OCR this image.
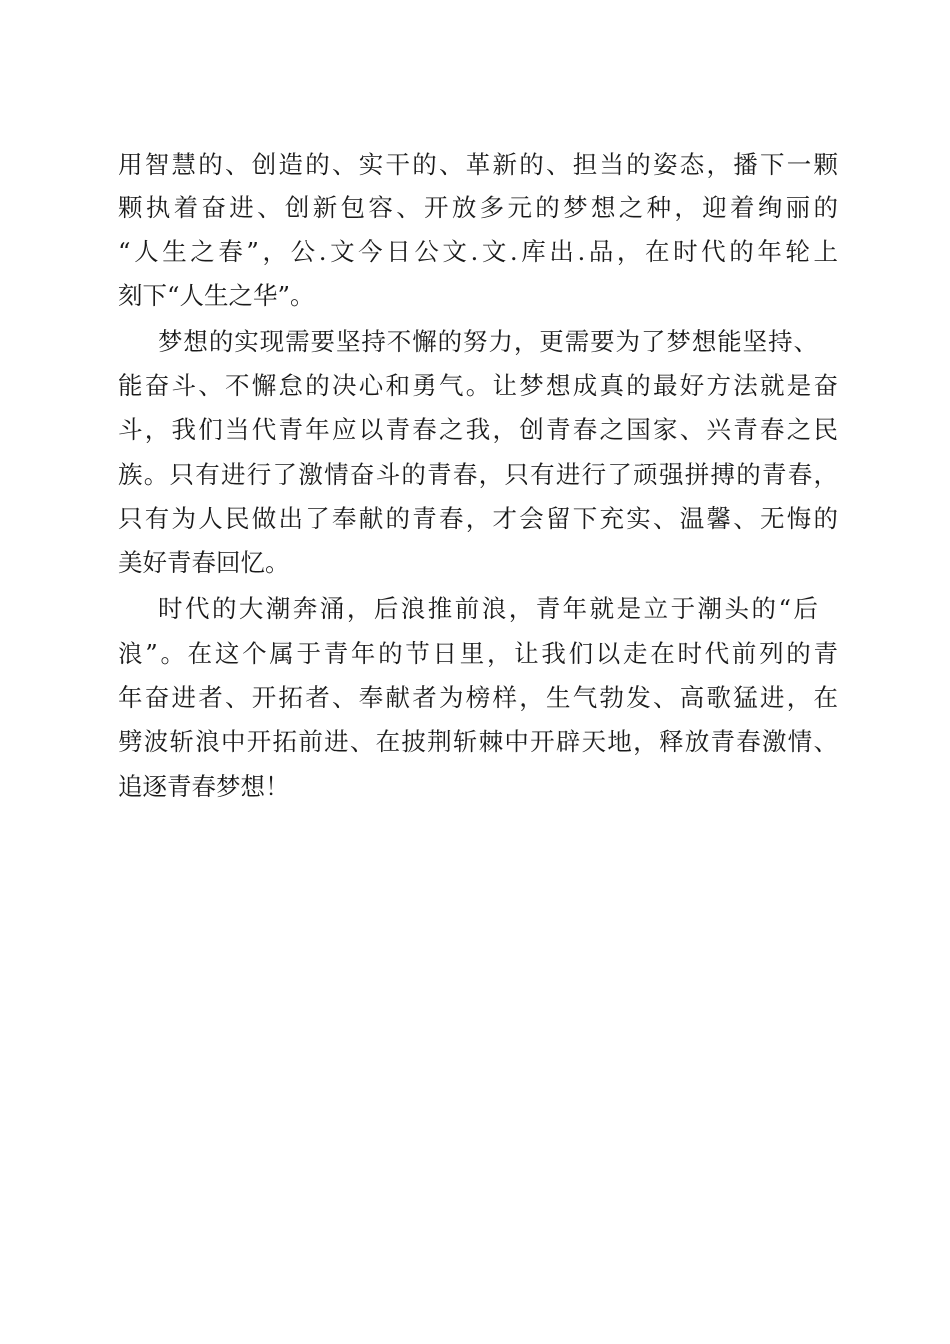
用智慧的、创造的、实干的、革新的、担当的姿态，播下一颗
颗执着奋进、创新包容、开放多元的梦想之种，迎着绚丽的
“人生之春”，公.文今日公文.文.库出.品，在时代的年轮上
刻下“人生之华”。
梦想的实现需要坚持不懈的努力，更需要为了梦想能坚持、
能奋斗、不懈怠的决心和勇气。让梦想成真的最好方法就是奋
斗，我们当代青年应以青春之我，创青春之国家、兴青春之民
族。只有进行了激情奋斗的青春，只有进行了顽强拼搏的青春，
只有为人民做出了奉献的青春，才会留下充实、温馨、无悔的
美好青春回忆。
时代的大潮奔涌，后浪推前浪，青年就是立于潮头的“后
浪”。在这个属于青年的节日里，让我们以走在时代前列的青
年奋进者、开拓者、奉献者为榜样，生气勃发、高歌猛进，在
劈波斩浪中开拓前进、在披荆斩棘中开辟天地，释放青春激情、
追逐青春梦想！
